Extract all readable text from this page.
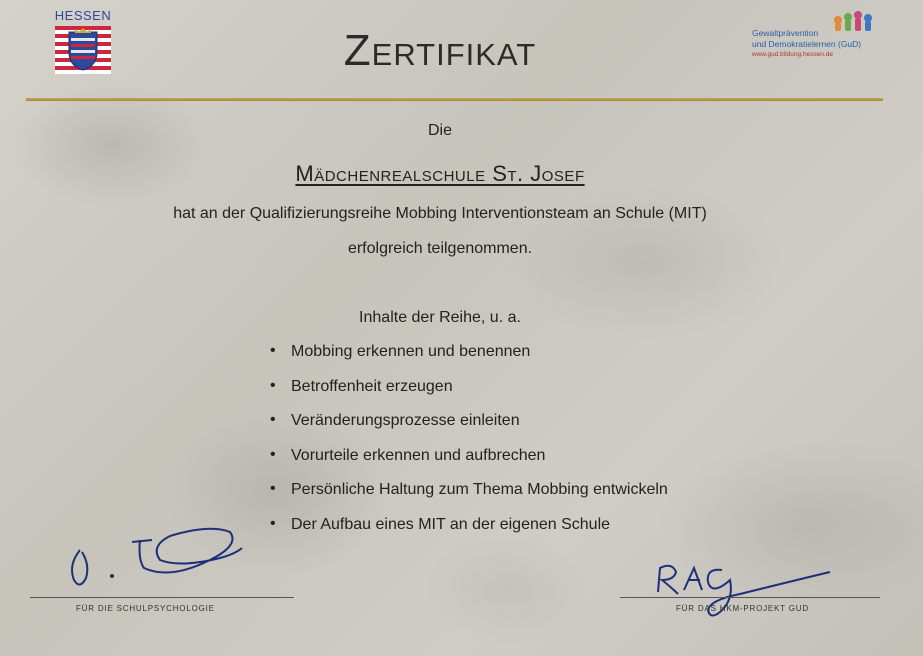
HESSEN
Gewaltprävention
und Demokratielernen (GuD)
www.gud.bildung.hessen.de
Zertifikat
Die
Mädchenrealschule St. Josef
hat an der Qualifizierungsreihe Mobbing Interventionsteam an Schule (MIT)
erfolgreich teilgenommen.
Inhalte der Reihe, u. a.
• Mobbing erkennen und benennen
• Betroffenheit erzeugen
• Veränderungsprozesse einleiten
• Vorurteile erkennen und aufbrechen
• Persönliche Haltung zum Thema Mobbing entwickeln
• Der Aufbau eines MIT an der eigenen Schule
FÜR DIE SCHULPSYCHOLOGIE	FÜR DAS HKM-PROJEKT GUD
